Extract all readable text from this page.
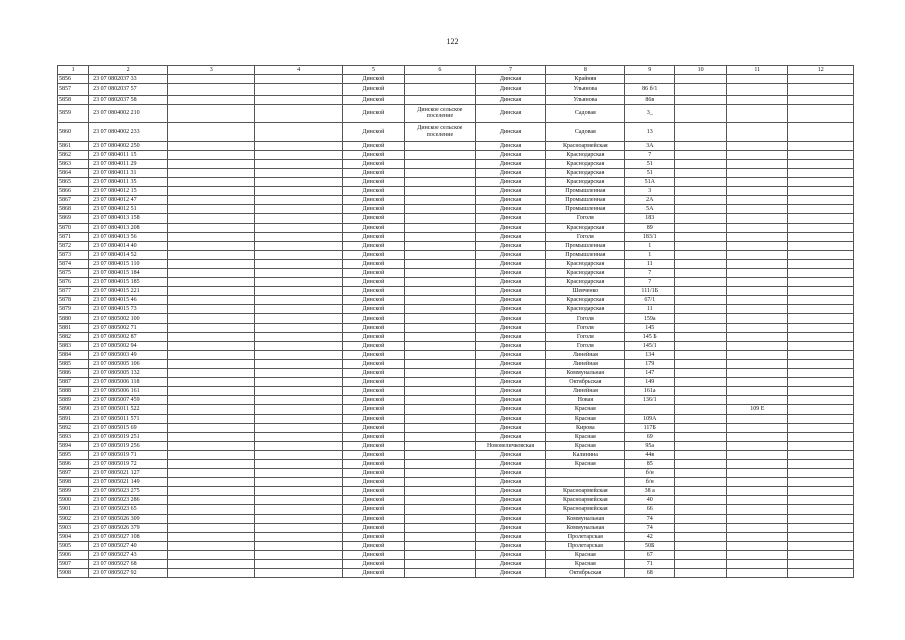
122
1	2	3	4	5	6	7	8	9	10	11	12
5856	23 07 0802037 33			Динской		Динская	Крайняя				
5857	23 07 0802037 57			Динской		Динская	Ульянова	86 б/1			
5858	23 07 0802037 58			Динской		Динская	Ульянова	86в			
5859	23 07 0804002 210			Динской	Динское сельское поселение	Динская	Садовая	3_			
5860	23 07 0804002 233			Динской	Динское сельское поселение	Динская	Садовая	13			
5861	23 07 0804002 250			Динской		Динская	Красноармейская	3А			
5862	23 07 0804011 15			Динской		Динская	Краснодарская	7			
5863	23 07 0804011 29			Динской		Динская	Краснодарская	51			
5864	23 07 0804011 31			Динской		Динская	Краснодарская	51			
5865	23 07 0804011 35			Динской		Динская	Краснодарская	51А			
5866	23 07 0804012 15			Динской		Динская	Промышленная	3			
5867	23 07 0804012 47			Динской		Динская	Промышленная	2А			
5868	23 07 0804012 51			Динской		Динская	Промышленная	5А			
5869	23 07 0804013 158			Динской		Динская	Гоголя	183			
5870	23 07 0804013 208			Динской		Динская	Краснодарская	89			
5871	23 07 0804013 56			Динской		Динская	Гоголя	183/1			
5872	23 07 0804014 40			Динской		Динская	Промышленная	1			
5873	23 07 0804014 52			Динской		Динская	Промышленная	1			
5874	23 07 0804015 110			Динской		Динская	Краснодарская	11			
5875	23 07 0804015 184			Динской		Динская	Краснодарская	7			
5876	23 07 0804015 185			Динской		Динская	Краснодарская	7			
5877	23 07 0804015 221			Динской		Динская	Шевченко	111/1Б			
5878	23 07 0804015 46			Динской		Динская	Краснодарская	67/1			
5879	23 07 0804015 73			Динской		Динская	Краснодарская	11			
5880	23 07 0805002 100			Динской		Динская	Гоголя	159а			
5881	23 07 0805002 71			Динской		Динская	Гоголя	145			
5882	23 07 0805002 87			Динской		Динская	Гоголя	145 Б			
5883	23 07 0805002 94			Динской		Динская	Гоголя	145/1			
5884	23 07 0805003 49			Динской		Динская	Линейная	134			
5885	23 07 0805005 106			Динской		Динская	Линейная	179			
5886	23 07 0805005 132			Динской		Динская	Коммунальная	147			
5887	23 07 0805006 118			Динской		Динская	Октябрьская	149			
5888	23 07 0805006 161			Динской		Динская	Линейная	161а			
5889	23 07 0805007 459			Динской		Динская	Новая	136/1			
5890	23 07 0805011 522			Динской		Динская	Красная			109 Е	
5891	23 07 0805011 571			Динской		Динская	Красная	109А			
5892	23 07 0805015 69			Динской		Динская	Кирова	117Б			
5893	23 07 0805019 251			Динской		Динская	Красная	69			
5894	23 07 0805019 256			Динской		Нововеличковская	Красная	95а			
5895	23 07 0805019 71			Динской		Динская	Калинина	44в			
5896	23 07 0805019 72			Динской		Динская	Красная	85			
5897	23 07 0805021 127			Динской		Динская		б/н			
5898	23 07 0805021 149			Динской		Динская		б/н			
5899	23 07 0805023 275			Динской		Динская	Красноармейская	38 а			
5900	23 07 0805023 286			Динской		Динская	Красноармейская	40			
5901	23 07 0805023 65			Динской		Динская	Красноармейская	66			
5902	23 07 0805026 309			Динской		Динская	Коммунальная	74			
5903	23 07 0805026 379			Динской		Динская	Коммунальная	74			
5904	23 07 0805027 108			Динской		Динская	Пролетарская	42			
5905	23 07 0805027 40			Динской		Динская	Пролетарская	50Б			
5906	23 07 0805027 43			Динской		Динская	Красная	67			
5907	23 07 0805027 68			Динской		Динская	Красная	71			
5908	23 07 0805027 92			Динской		Динская	Октябрьская	68			
